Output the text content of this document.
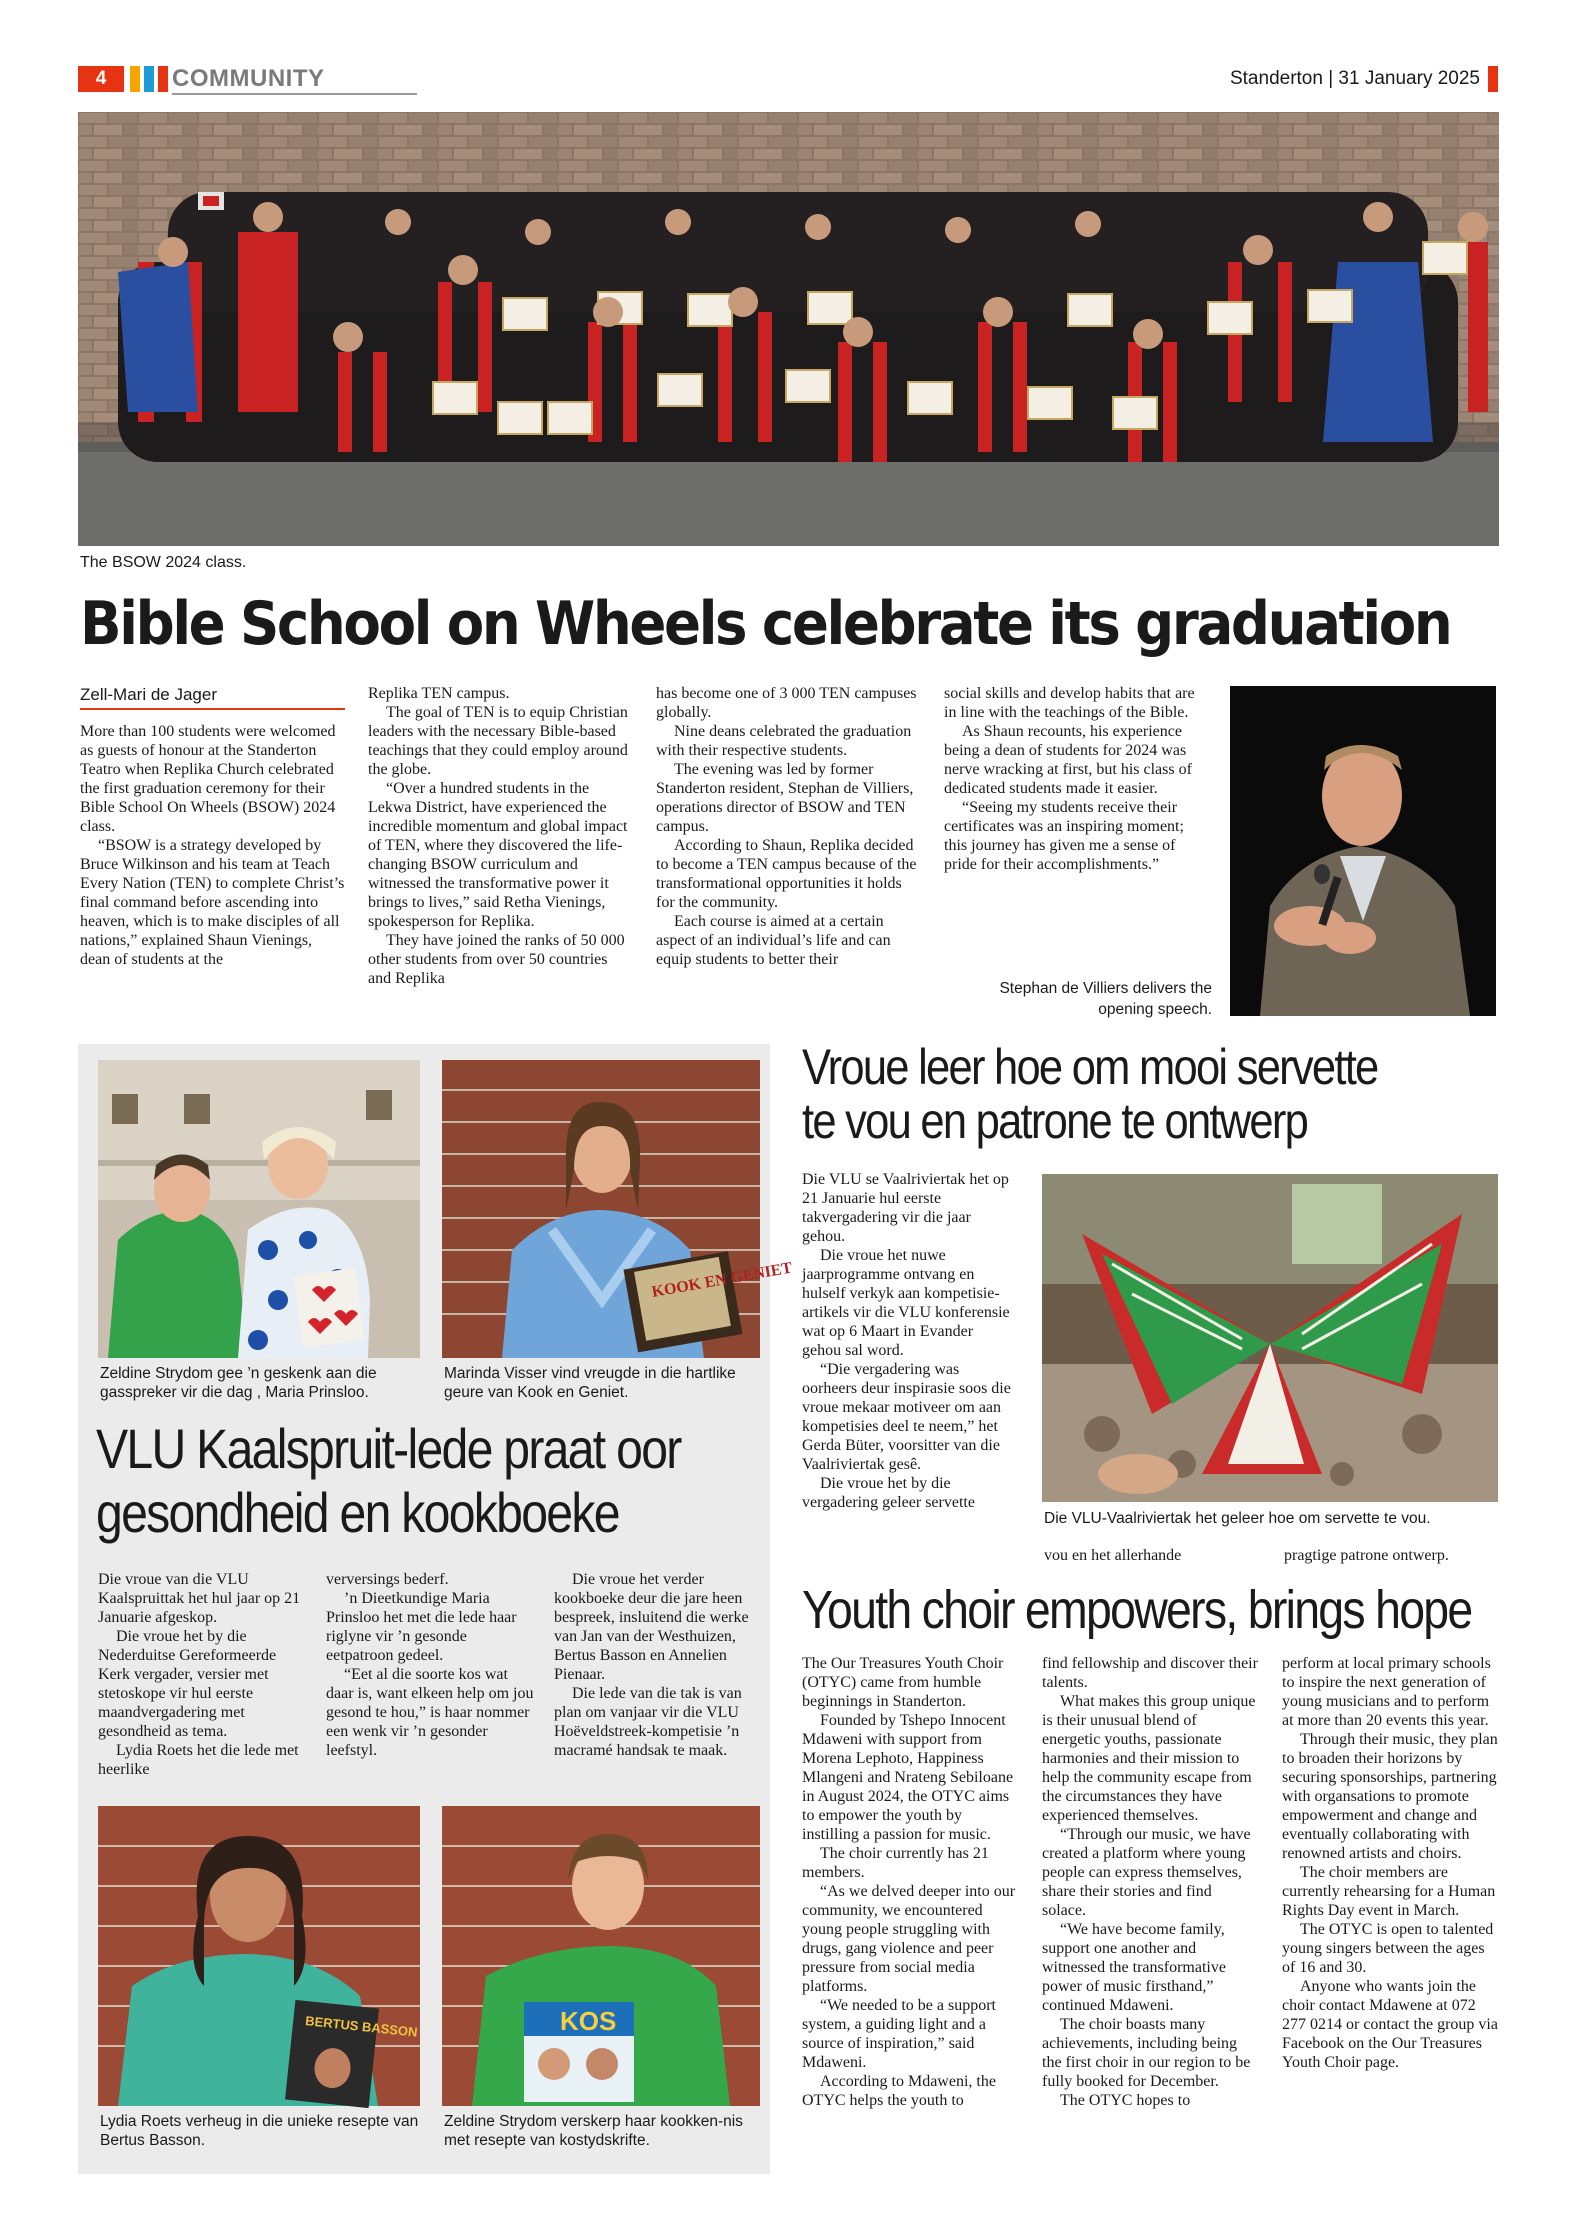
4	COMMUNITY	Standerton | 31 January 2025
The BSOW 2024 class.
Bible School on Wheels celebrate its graduation
Zell-Mari de Jager

More than 100 students were welcomed as guests of honour at the Standerton Teatro when Replika Church celebrated the first graduation ceremony for their Bible School On Wheels (BSOW) 2024 class.

“BSOW is a strategy developed by Bruce Wilkinson and his team at Teach Every Nation (TEN) to complete Christ’s final command before ascending into heaven, which is to make disciples of all nations,” explained Shaun Vienings, dean of students at the

Replika TEN campus.

The goal of TEN is to equip Christian leaders with the necessary Bible-based teachings that they could employ around the globe.

“Over a hundred students in the Lekwa District, have experienced the incredible momentum and global impact of TEN, where they discovered the life-changing BSOW curriculum and witnessed the transformative power it brings to lives,” said Retha Vienings, spokesperson for Replika.

They have joined the ranks of 50 000 other students from over 50 countries and Replika

has become one of 3 000 TEN campuses globally.

Nine deans celebrated the graduation with their respective students.

The evening was led by former Standerton resident, Stephan de Villiers, operations director of BSOW and TEN campus.

According to Shaun, Replika decided to become a TEN campus because of the transformational opportunities it holds for the community.

Each course is aimed at a certain aspect of an individual’s life and can equip students to better their

social skills and develop habits that are in line with the teachings of the Bible.

As Shaun recounts, his experience being a dean of students for 2024 was nerve wracking at first, but his class of dedicated students made it easier.

“Seeing my students receive their certificates was an inspiring moment; this journey has given me a sense of pride for their accomplishments.”

Stephan de Villiers delivers the opening speech.
KOOK EN GENIET
Zeldine Strydom gee ’n geskenk aan die gasspreker vir die dag , Maria Prinsloo.
Marinda Visser vind vreugde in die hartlike geure van Kook en Geniet.
VLU Kaalspruit-lede praat oor
gesondheid en kookboeke

Die vroue van die VLU Kaalspruittak het hul jaar op 21 Januarie afgeskop.

Die vroue het by die Nederduitse Gereformeerde Kerk vergader, versier met stetoskope vir hul eerste maandvergadering met gesondheid as tema.

Lydia Roets het die lede met heerlike

verversings bederf.

’n Dieetkundige Maria Prinsloo het met die lede haar riglyne vir ’n gesonde eetpatroon gedeel.

“Eet al die soorte kos wat daar is, want elkeen help om jou gesond te hou,” is haar nommer een wenk vir ’n gesonder leefstyl.

Die vroue het verder kookboeke deur die jare heen bespreek, insluitend die werke van Jan van der Westhuizen, Bertus Basson en Annelien Pienaar.

Die lede van die tak is van plan om vanjaar vir die VLU Hoëveldstreek-kompetisie ’n macramé handsak te maak.

BERTUS BASSON	KOS
Lydia Roets verheug in die unieke resepte van Bertus Basson.
Zeldine Strydom verskerp haar kookken-nis met resepte van kostydskrifte.
Vroue leer hoe om mooi servette
te vou en patrone te ontwerp

Die VLU se Vaalriviertak het op 21 Januarie hul eerste takvergadering vir die jaar gehou.

Die vroue het nuwe jaarprogramme ontvang en hulself verkyk aan kompetisie-artikels vir die VLU konferensie wat op 6 Maart in Evander gehou sal word.

“Die vergadering was oorheers deur inspirasie soos die vroue mekaar motiveer om aan kompetisies deel te neem,” het Gerda Büter, voorsitter van die Vaalriviertak gesê.

Die vroue het by die vergadering geleer servette

Die VLU-Vaalriviertak het geleer hoe om servette te vou.
vou en het allerhande	pragtige patrone ontwerp.
Youth choir empowers, brings hope

The Our Treasures Youth Choir (OTYC) came from humble beginnings in Standerton.

Founded by Tshepo Innocent Mdaweni with support from Morena Lephoto, Happiness Mlangeni and Nrateng Sebiloane in August 2024, the OTYC aims to empower the youth by instilling a passion for music.

The choir currently has 21 members.

“As we delved deeper into our community, we encountered young people struggling with drugs, gang violence and peer pressure from social media platforms.

“We needed to be a support system, a guiding light and a source of inspiration,” said Mdaweni.

According to Mdaweni, the OTYC helps the youth to

find fellowship and discover their talents.

What makes this group unique is their unusual blend of energetic youths, passionate harmonies and their mission to help the community escape from the circumstances they have experienced themselves.

“Through our music, we have created a platform where young people can express themselves, share their stories and find solace.

“We have become family, support one another and witnessed the transformative power of music firsthand,” continued Mdaweni.

The choir boasts many achievements, including being the first choir in our region to be fully booked for December.

The OTYC hopes to

perform at local primary schools to inspire the next generation of young musicians and to perform at more than 20 events this year.

Through their music, they plan to broaden their horizons by securing sponsorships, partnering with organsations to promote empowerment and change and eventually collaborating with renowned artists and choirs.

The choir members are currently rehearsing for a Human Rights Day event in March.

The OTYC is open to talented young singers between the ages of 16 and 30.

Anyone who wants join the choir contact Mdawene at 072 277 0214 or contact the group via Facebook on the Our Treasures Youth Choir page.
